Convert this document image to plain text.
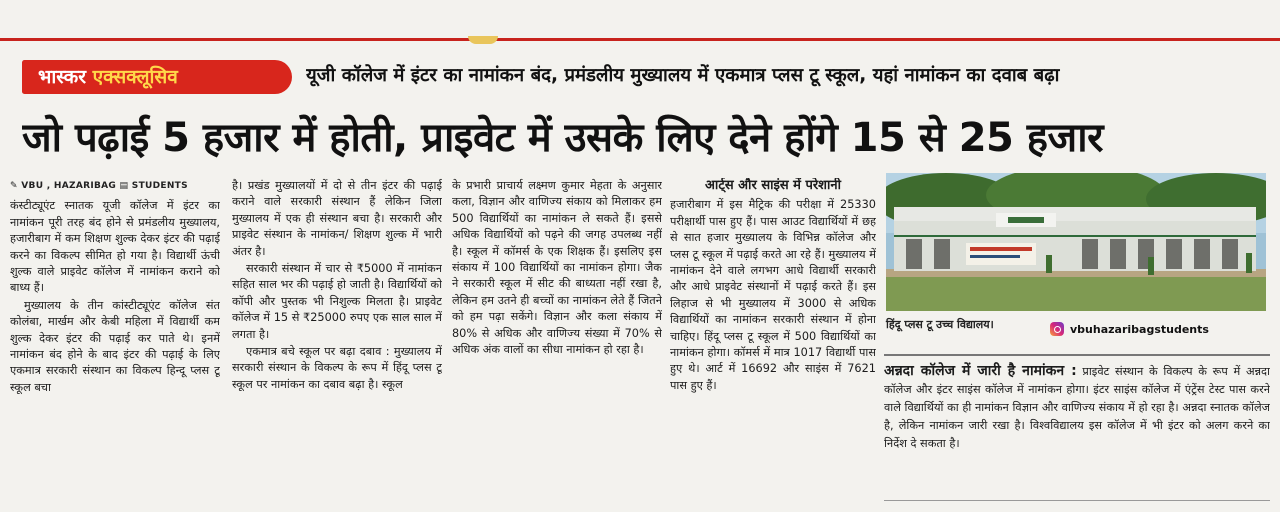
भास्कर एक्सक्लूसिव	यूजी कॉलेज में इंटर का नामांकन बंद, प्रमंडलीय मुख्यालय में एकमात्र प्लस टू स्कूल, यहां नामांकन का दवाब बढ़ा
जो पढ़ाई 5 हजार में होती, प्राइवेट में उसके लिए देने होंगे 15 से 25 हजार
✎ VBU , HAZARIBAG ▤ STUDENTS

कंस्टीट्यूएंट स्नातक यूजी कॉलेज में इंटर का नामांकन पूरी तरह बंद होने से प्रमंडलीय मुख्यालय, हजारीबाग में कम शिक्षण शुल्क देकर इंटर की पढ़ाई करने का विकल्प सीमित हो गया है। विद्यार्थी ऊंची शुल्क वाले प्राइवेट कॉलेज में नामांकन कराने को बाध्य हैं।

मुख्यालय के तीन कांस्टीट्यूएंट कॉलेज संत कोलंबा, मार्खम और केबी महिला में विद्यार्थी कम शुल्क देकर इंटर की पढ़ाई कर पाते थे। इनमें नामांकन बंद होने के बाद इंटर की पढ़ाई के लिए एकमात्र सरकारी संस्थान का विकल्प हिन्दू प्लस टू स्कूल बचा

है। प्रखंड मुख्यालयों में दो से तीन इंटर की पढ़ाई कराने वाले सरकारी संस्थान हैं लेकिन जिला मुख्यालय में एक ही संस्थान बचा है। सरकारी और प्राइवेट संस्थान के नामांकन/ शिक्षण शुल्क में भारी अंतर है।

सरकारी संस्थान में चार से ₹5000 में नामांकन सहित साल भर की पढ़ाई हो जाती है। विद्यार्थियों को कॉपी और पुस्तक भी निशुल्क मिलता है। प्राइवेट कॉलेज में 15 से ₹25000 रुपए एक साल साल में लगता है।

एकमात्र बचे स्कूल पर बढ़ा दबाव : मुख्यालय में सरकारी संस्थान के विकल्प के रूप में हिंदू प्लस टू स्कूल पर नामांकन का दबाव बढ़ा है। स्कूल

के प्रभारी प्राचार्य लक्ष्मण कुमार मेहता के अनुसार कला, विज्ञान और वाणिज्य संकाय को मिलाकर हम 500 विद्यार्थियों का नामांकन ले सकते हैं। इससे अधिक विद्यार्थियों को पढ़ने की जगह उपलब्ध नहीं है। स्कूल में कॉमर्स के एक शिक्षक हैं। इसलिए इस संकाय में 100 विद्यार्थियों का नामांकन होगा। जैक ने सरकारी स्कूल में सीट की बाध्यता नहीं रखा है, लेकिन हम उतने ही बच्चों का नामांकन लेते हैं जितने को हम पढ़ा सकेंगे। विज्ञान और कला संकाय में 80% से अधिक और वाणिज्य संख्या में 70% से अधिक अंक वालों का सीधा नामांकन हो रहा है।

आर्ट्स और साइंस में परेशानी

हजारीबाग में इस मैट्रिक की परीक्षा में 25330 परीक्षार्थी पास हुए हैं। पास आउट विद्यार्थियों में छह से सात हजार मुख्यालय के विभिन्न कॉलेज और प्लस टू स्कूल में पढ़ाई करते आ रहे हैं। मुख्यालय में नामांकन देने वाले लगभग आधे विद्यार्थी सरकारी और आधे प्राइवेट संस्थानों में पढ़ाई करते हैं। इस लिहाज से भी मुख्यालय में 3000 से अधिक विद्यार्थियों का नामांकन सरकारी संस्थान में होना चाहिए। हिंदू प्लस टू स्कूल में 500 विद्यार्थियों का नामांकन होगा। कॉमर्स में मात्र 1017 विद्यार्थी पास हुए थे। आर्ट में 16692 और साइंस में 7621 पास हुए हैं।

हिंदू प्लस टू उच्च विद्यालय।	vbuhazaribagstudents
अन्नदा कॉलेज में जारी है नामांकन : प्राइवेट संस्थान के विकल्प के रूप में अन्नदा कॉलेज और इंटर साइंस कॉलेज में नामांकन होगा। इंटर साइंस कॉलेज में एंट्रेंस टेस्ट पास करने वाले विद्यार्थियों का ही नामांकन विज्ञान और वाणिज्य संकाय में हो रहा है। अन्नदा स्नातक कॉलेज है, लेकिन नामांकन जारी रखा है। विश्वविद्यालय इस कॉलेज में भी इंटर को अलग करने का निर्देश दे सकता है।
